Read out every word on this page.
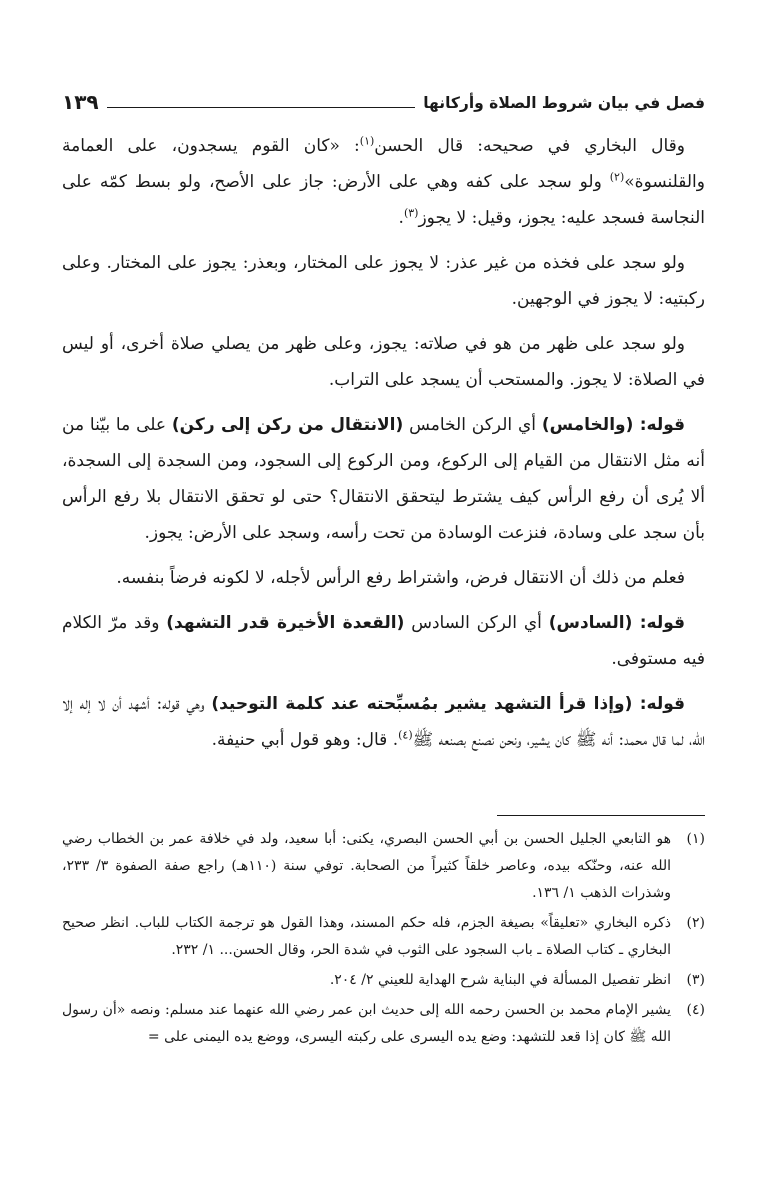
فصل في بيان شروط الصلاة وأركانها
١٣٩

وقال البخاري في صحيحه: قال الحسن$^{(١)}$: «كان القوم يسجدون، على العمامة والقلنسوة»$^{(٢)}$ ولو سجد على كفه وهي على الأرض: جاز على الأصح، ولو بسط كمّه على النجاسة فسجد عليه: يجوز، وقيل: لا يجوز$^{(٣)}$.

ولو سجد على فخذه من غير عذر: لا يجوز على المختار، وبعذر: يجوز على المختار. وعلى ركبتيه: لا يجوز في الوجهين.

ولو سجد على ظهر من هو في صلاته: يجوز، وعلى ظهر من يصلي صلاة أخرى، أو ليس في الصلاة: لا يجوز. والمستحب أن يسجد على التراب.

قوله: (والخامس) أي الركن الخامس (الانتقال من ركن إلى ركن) على ما بيّنا من أنه مثل الانتقال من القيام إلى الركوع، ومن الركوع إلى السجود، ومن السجدة إلى السجدة، ألا يُرى أن رفع الرأس كيف يشترط ليتحقق الانتقال؟ حتى لو تحقق الانتقال بلا رفع الرأس بأن سجد على وسادة، فنزعت الوسادة من تحت رأسه، وسجد على الأرض: يجوز.

فعلم من ذلك أن الانتقال فرض، واشتراط رفع الرأس لأجله، لا لكونه فرضاً بنفسه.

قوله: (السادس) أي الركن السادس (القعدة الأخيرة قدر التشهد) وقد مرّ الكلام فيه مستوفى.

قوله: (وإذا قرأ التشهد يشير بمُسبِّحته عند كلمة التوحيد) وهي قوله: أشهد أن لا إله إلا الله، لما قال محمد: أنه ﷺ كان يشير، ونحن نصنع بصنعه ﷺ$^{(٤)}$. قال: وهو قول أبي حنيفة.

(١)
هو التابعي الجليل الحسن بن أبي الحسن البصري، يكنى: أبا سعيد، ولد في خلافة عمر بن الخطاب رضي الله عنه، وحنّكه بيده، وعاصر خلقاً كثيراً من الصحابة. توفي سنة (١١٠هـ) راجع صفة الصفوة ٣/ ٢٣٣، وشذرات الذهب ١/ ١٣٦.
(٢)
ذكره البخاري «تعليقاً» بصيغة الجزم، فله حكم المسند، وهذا القول هو ترجمة الكتاب للباب. انظر صحيح البخاري ـ كتاب الصلاة ـ باب السجود على الثوب في شدة الحر، وقال الحسن... ١/ ٢٣٢.
(٣)
انظر تفصيل المسألة في البناية شرح الهداية للعيني ٢/ ٢٠٤.
(٤)
يشير الإمام محمد بن الحسن رحمه الله إلى حديث ابن عمر رضي الله عنهما عند مسلم: ونصه «أن رسول الله ﷺ كان إذا قعد للتشهد: وضع يده اليسرى على ركبته اليسرى، ووضع يده اليمنى على =
